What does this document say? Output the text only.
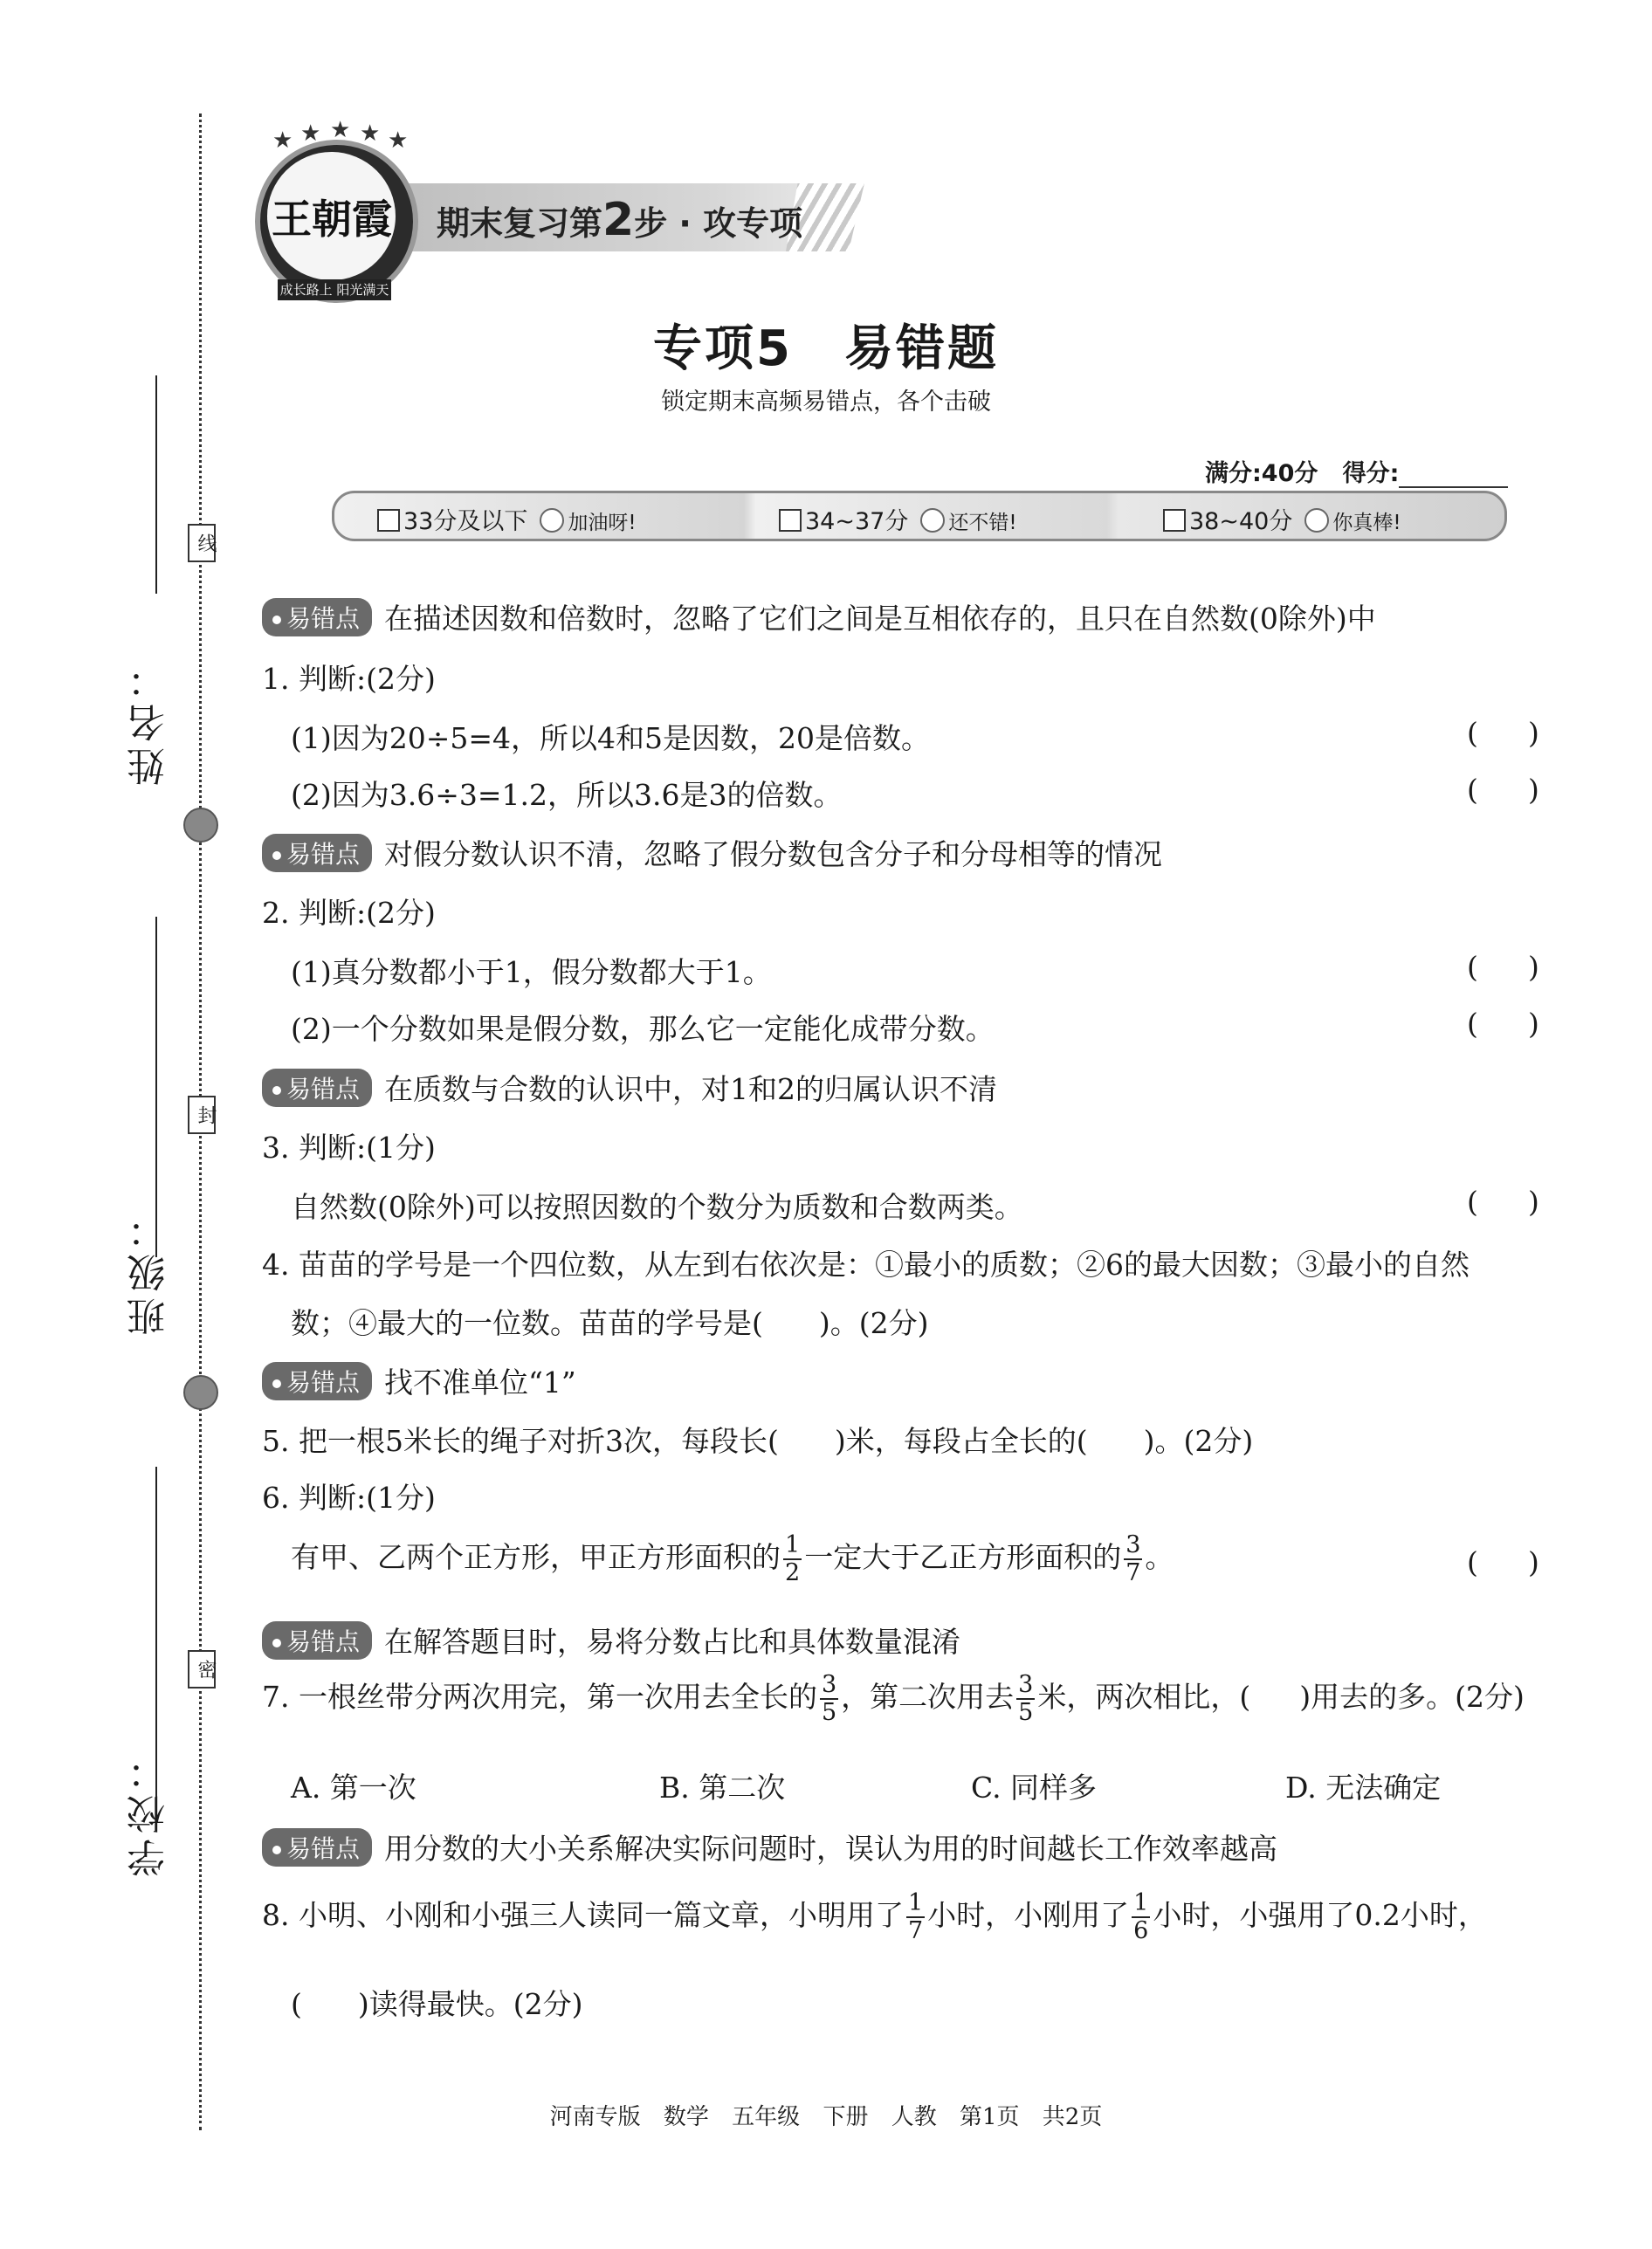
姓名：
班级：
学校：
线
封
密
期末复习第2步 · 攻专项
★ ★ ★ ★ ★
王朝霞
成长路上 阳光满天
专项5　易错题
锁定期末高频易错点，各个击破
满分:40分 得分:
33分及以下 加油呀!	34~37分 还不错!	38~40分 你真棒!
易错点 在描述因数和倍数时，忽略了它们之间是互相依存的，且只在自然数(0除外)中
1. 判断:(2分)
(1)因为20÷5=4，所以4和5是因数，20是倍数。	( )
(2)因为3.6÷3=1.2，所以3.6是3的倍数。	( )
易错点 对假分数认识不清，忽略了假分数包含分子和分母相等的情况
2. 判断:(2分)
(1)真分数都小于1，假分数都大于1。	( )
(2)一个分数如果是假分数，那么它一定能化成带分数。	( )
易错点 在质数与合数的认识中，对1和2的归属认识不清
3. 判断:(1分)
自然数(0除外)可以按照因数的个数分为质数和合数两类。	( )
4. 苗苗的学号是一个四位数，从左到右依次是：①最小的质数；②6的最大因数；③最小的自然
数；④最大的一位数。苗苗的学号是( )。(2分)
易错点 找不准单位“1”
5. 把一根5米长的绳子对折3次，每段长( )米，每段占全长的( )。(2分)
6. 判断:(1分)
有甲、乙两个正方形，甲正方形面积的 $\frac{1}{2}$ 一定大于乙正方形面积的 $\frac{3}{7}$ 。	( )
易错点 在解答题目时，易将分数占比和具体数量混淆
7. 一根丝带分两次用完，第一次用去全长的 $\frac{3}{5}$ ，第二次用去 $\frac{3}{5}$ 米，两次相比，( )用去的多。(2分)
A. 第一次	B. 第二次	C. 同样多	D. 无法确定
易错点 用分数的大小关系解决实际问题时，误认为用的时间越长工作效率越高
8. 小明、小刚和小强三人读同一篇文章，小明用了 $\frac{1}{7}$ 小时，小刚用了 $\frac{1}{6}$ 小时，小强用了0.2小时，
( )读得最快。(2分)
河南专版 数学 五年级 下册 人教 第1页 共2页
